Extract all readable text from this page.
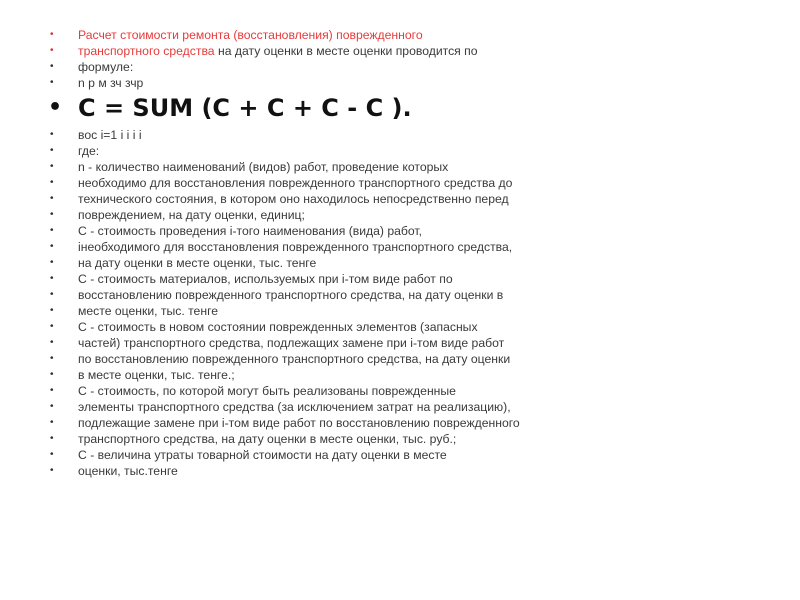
• Расчет стоимости ремонта (восстановления) поврежденного
• транспортного средства на дату оценки в месте оценки проводится по
• формуле:
• n р м зч зчр
• С = SUM (С + С + С - С ).
• вос i=1 i i i i
• где:
• n - количество наименований (видов) работ, проведение которых
• необходимо для восстановления поврежденного транспортного средства до
• технического состояния, в котором оно находилось непосредственно перед
• повреждением, на дату оценки, единиц;
• С - стоимость проведения i-того наименования (вида) работ,
• iнеобходимого для восстановления поврежденного транспортного средства,
• на дату оценки в месте оценки, тыс. тенге
• С - стоимость материалов, используемых при i-том виде работ по
• восстановлению поврежденного транспортного средства, на дату оценки в
• месте оценки, тыс. тенге
• С - стоимость в новом состоянии поврежденных элементов (запасных
• частей) транспортного средства, подлежащих замене при i-том виде работ
• по восстановлению поврежденного транспортного средства, на дату оценки
• в месте оценки, тыс. тенге.;
• С - стоимость, по которой могут быть реализованы поврежденные
• элементы транспортного средства (за исключением затрат на реализацию),
• подлежащие замене при i-том виде работ по восстановлению поврежденного
• транспортного средства, на дату оценки в месте оценки, тыс. руб.;
• С - величина утраты товарной стоимости на дату оценки в месте
• оценки, тыс.тенге
